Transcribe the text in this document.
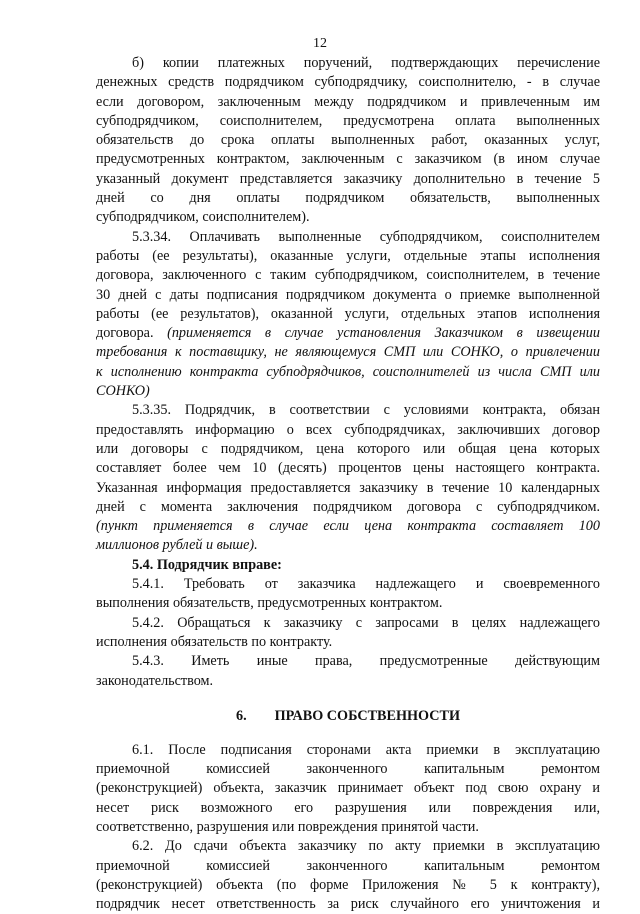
12
б) копии платежных поручений, подтверждающих перечисление
денежных средств подрядчиком субподрядчику, соисполнителю, - в случае
если договором, заключенным между подрядчиком и привлеченным им
субподрядчиком, соисполнителем, предусмотрена оплата выполненных
обязательств до срока оплаты выполненных работ, оказанных услуг,
предусмотренных контрактом, заключенным с заказчиком (в ином случае
указанный документ представляется заказчику дополнительно в течение 5
дней со дня оплаты подрядчиком обязательств, выполненных
субподрядчиком, соисполнителем).
5.3.34. Оплачивать выполненные субподрядчиком, соисполнителем
работы (ее результаты), оказанные услуги, отдельные этапы исполнения
договора, заключенного с таким субподрядчиком, соисполнителем, в течение
30 дней с даты подписания подрядчиком документа о приемке выполненной
работы (ее результатов), оказанной услуги, отдельных этапов исполнения
договора. (применяется в случае установления Заказчиком в извещении
требования к поставщику, не являющемуся СМП или СОНКО, о привлечении
к исполнению контракта субподрядчиков, соисполнителей из числа СМП или
СОНКО)
5.3.35. Подрядчик, в соответствии с условиями контракта, обязан
предоставлять информацию о всех субподрядчиках, заключивших договор
или договоры с подрядчиком, цена которого или общая цена которых
составляет более чем 10 (десять) процентов цены настоящего контракта.
Указанная информация предоставляется заказчику в течение 10 календарных
дней с момента заключения подрядчиком договора с субподрядчиком.
(пункт применяется в случае если цена контракта составляет 100
миллионов рублей и выше).
5.4. Подрядчик вправе:
5.4.1. Требовать от заказчика надлежащего и своевременного
выполнения обязательств, предусмотренных контрактом.
5.4.2. Обращаться к заказчику с запросами в целях надлежащего
исполнения обязательств по контракту.
5.4.3. Иметь иные права, предусмотренные действующим
законодательством.
6. ПРАВО СОБСТВЕННОСТИ
6.1. После подписания сторонами акта приемки в эксплуатацию
приемочной комиссией законченного капитальным ремонтом
(реконструкцией) объекта, заказчик принимает объект под свою охрану и
несет риск возможного его разрушения или повреждения или,
соответственно, разрушения или повреждения принятой части.
6.2. До сдачи объекта заказчику по акту приемки в эксплуатацию
приемочной комиссией законченного капитальным ремонтом
(реконструкцией) объекта (по форме Приложения № 5 к контракту),
подрядчик несет ответственность за риск случайного его уничтожения и
